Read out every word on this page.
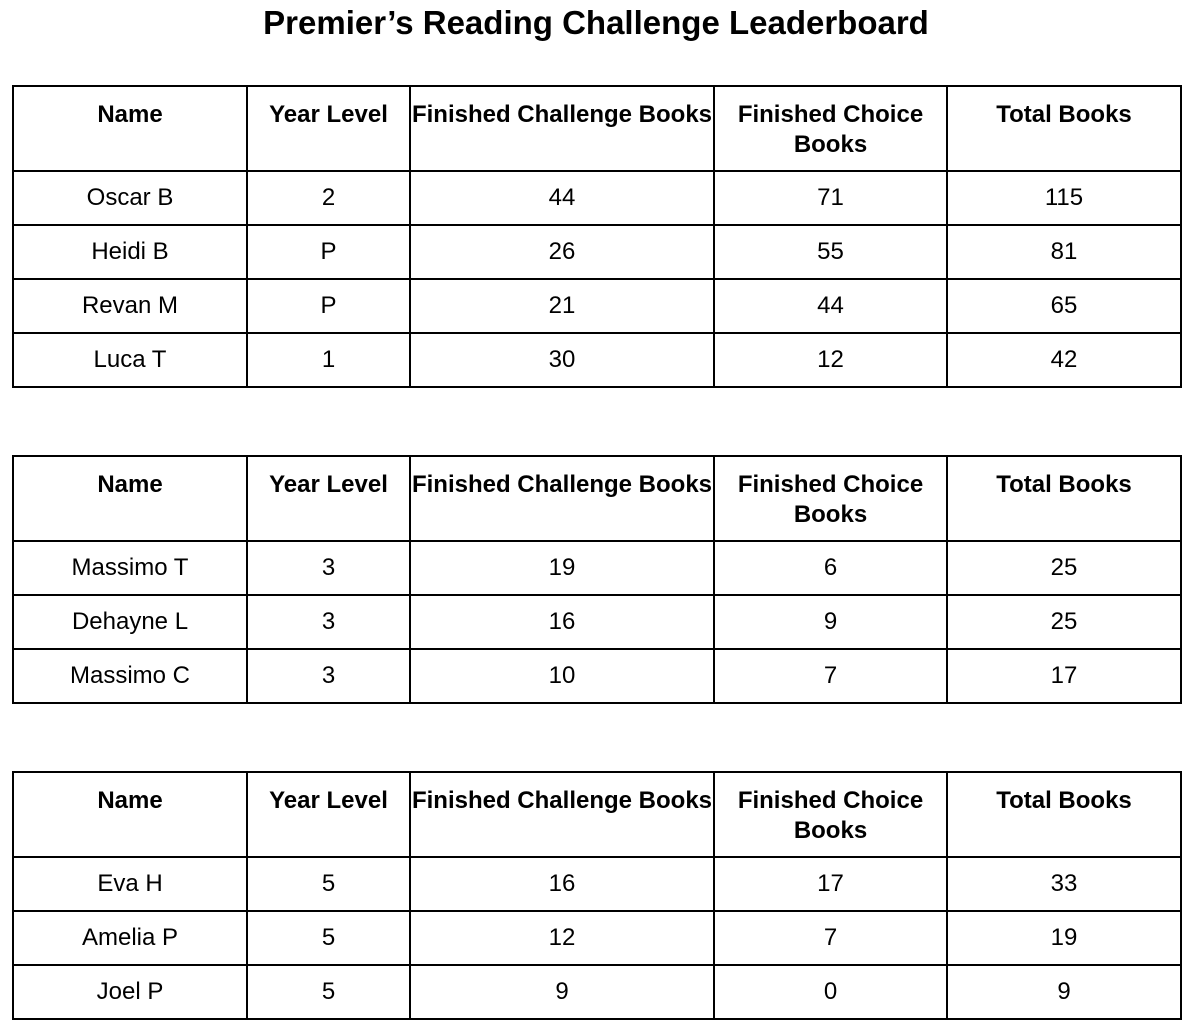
Premier’s Reading Challenge Leaderboard
Name	Year Level	Finished Challenge Books	Finished Choice Books	Total Books
Oscar B	2	44	71	115
Heidi B	P	26	55	81
Revan M	P	21	44	65
Luca T	1	30	12	42
Name	Year Level	Finished Challenge Books	Finished Choice Books	Total Books
Massimo T	3	19	6	25
Dehayne L	3	16	9	25
Massimo C	3	10	7	17
Name	Year Level	Finished Challenge Books	Finished Choice Books	Total Books
Eva H	5	16	17	33
Amelia P	5	12	7	19
Joel P	5	9	0	9
